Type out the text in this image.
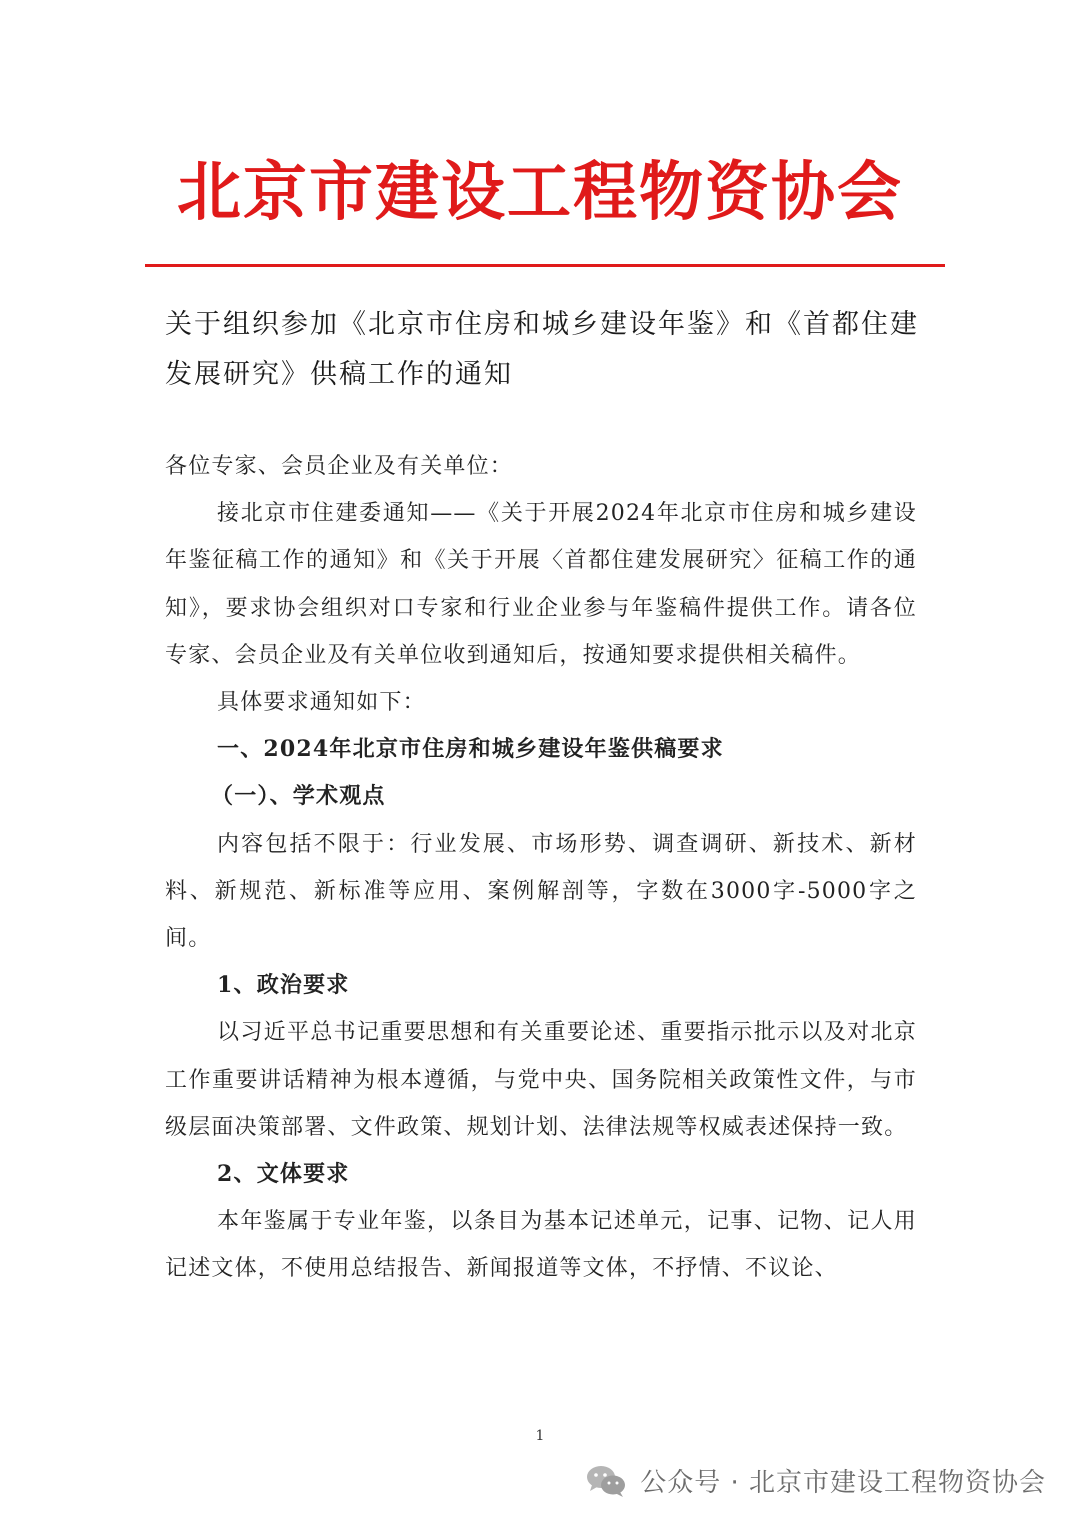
北京市建设工程物资协会
关于组织参加《北京市住房和城乡建设年鉴》和《首都住建
发展研究》供稿工作的通知

各位专家、会员企业及有关单位：

接北京市住建委通知——《关于开展2024年北京市住房和城乡建设年鉴征稿工作的通知》和《关于开展〈首都住建发展研究〉征稿工作的通知》，要求协会组织对口专家和行业企业参与年鉴稿件提供工作。请各位专家、会员企业及有关单位收到通知后，按通知要求提供相关稿件。

具体要求通知如下：

一、2024年北京市住房和城乡建设年鉴供稿要求

（一）、学术观点

内容包括不限于：行业发展、市场形势、调查调研、新技术、新材料、新规范、新标准等应用、案例解剖等，字数在3000字-5000字之间。

1、政治要求

以习近平总书记重要思想和有关重要论述、重要指示批示以及对北京工作重要讲话精神为根本遵循，与党中央、国务院相关政策性文件，与市级层面决策部署、文件政策、规划计划、法律法规等权威表述保持一致。

2、文体要求

本年鉴属于专业年鉴，以条目为基本记述单元，记事、记物、记人用记述文体，不使用总结报告、新闻报道等文体，不抒情、不议论、

1
公众号 · 北京市建设工程物资协会
